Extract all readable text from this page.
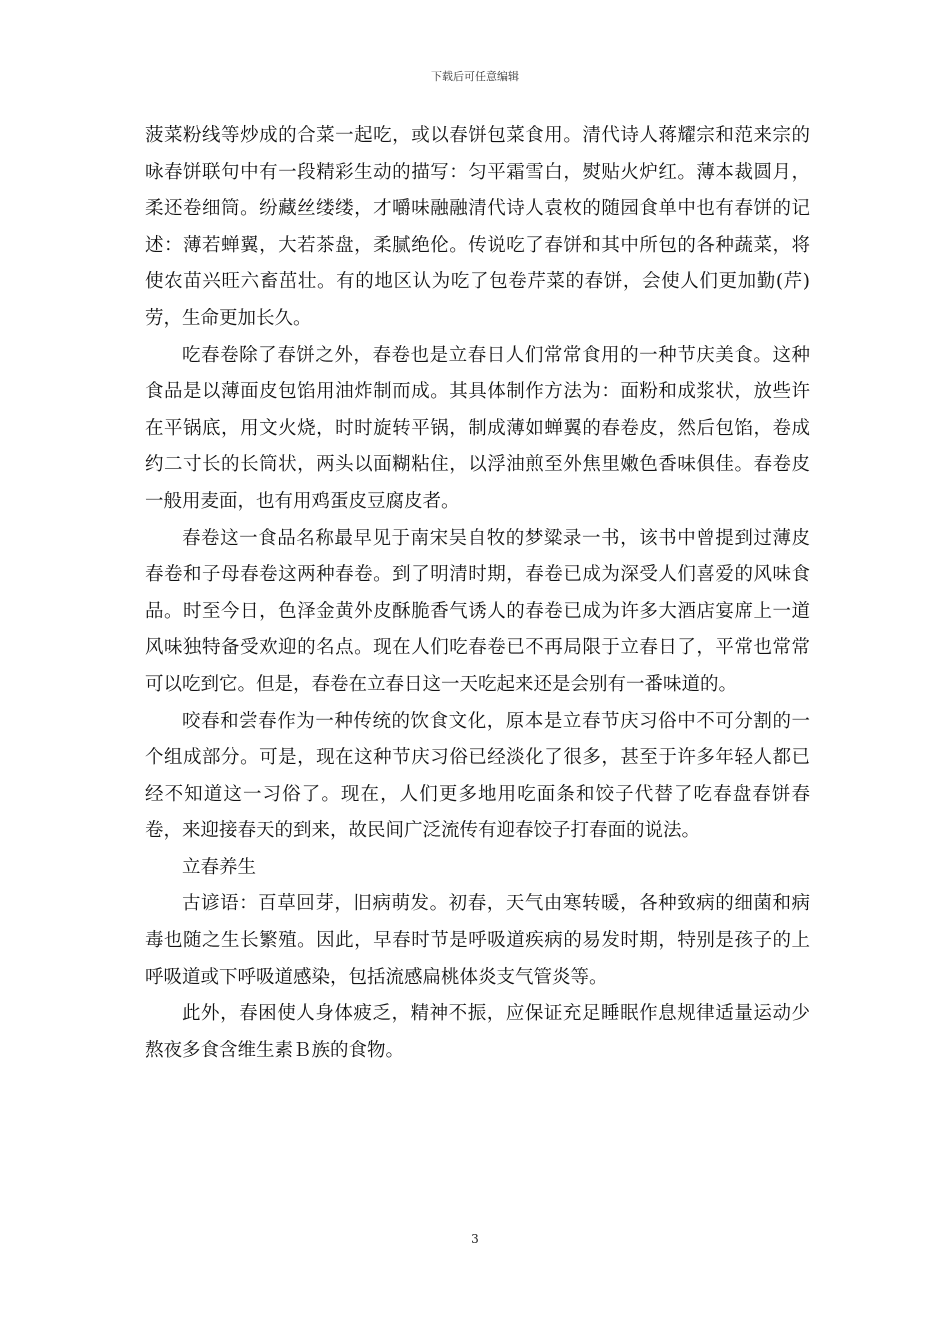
下载后可任意编辑

菠菜粉线等炒成的合菜一起吃，或以春饼包菜食用。清代诗人蒋耀宗和范来宗的咏春饼联句中有一段精彩生动的描写：匀平霜雪白，熨贴火炉红。薄本裁圆月，柔还卷细筒。纷藏丝缕缕，才嚼味融融清代诗人袁枚的随园食单中也有春饼的记述：薄若蝉翼，大若茶盘，柔腻绝伦。传说吃了春饼和其中所包的各种蔬菜，将使农苗兴旺六畜茁壮。有的地区认为吃了包卷芹菜的春饼，会使人们更加勤(芹)劳，生命更加长久。

吃春卷除了春饼之外，春卷也是立春日人们常常食用的一种节庆美食。这种食品是以薄面皮包馅用油炸制而成。其具体制作方法为：面粉和成浆状，放些许在平锅底，用文火烧，时时旋转平锅，制成薄如蝉翼的春卷皮，然后包馅，卷成约二寸长的长筒状，两头以面糊粘住，以浮油煎至外焦里嫩色香味俱佳。春卷皮一般用麦面，也有用鸡蛋皮豆腐皮者。

春卷这一食品名称最早见于南宋吴自牧的梦粱录一书，该书中曾提到过薄皮春卷和子母春卷这两种春卷。到了明清时期，春卷已成为深受人们喜爱的风味食品。时至今日，色泽金黄外皮酥脆香气诱人的春卷已成为许多大酒店宴席上一道风味独特备受欢迎的名点。现在人们吃春卷已不再局限于立春日了，平常也常常可以吃到它。但是，春卷在立春日这一天吃起来还是会别有一番味道的。

咬春和尝春作为一种传统的饮食文化，原本是立春节庆习俗中不可分割的一个组成部分。可是，现在这种节庆习俗已经淡化了很多，甚至于许多年轻人都已经不知道这一习俗了。现在，人们更多地用吃面条和饺子代替了吃春盘春饼春卷，来迎接春天的到来，故民间广泛流传有迎春饺子打春面的说法。

立春养生

古谚语：百草回芽，旧病萌发。初春，天气由寒转暖，各种致病的细菌和病毒也随之生长繁殖。因此，早春时节是呼吸道疾病的易发时期，特别是孩子的上呼吸道或下呼吸道感染，包括流感扁桃体炎支气管炎等。

此外，春困使人身体疲乏，精神不振，应保证充足睡眠作息规律适量运动少熬夜多食含维生素Ｂ族的食物。

3
